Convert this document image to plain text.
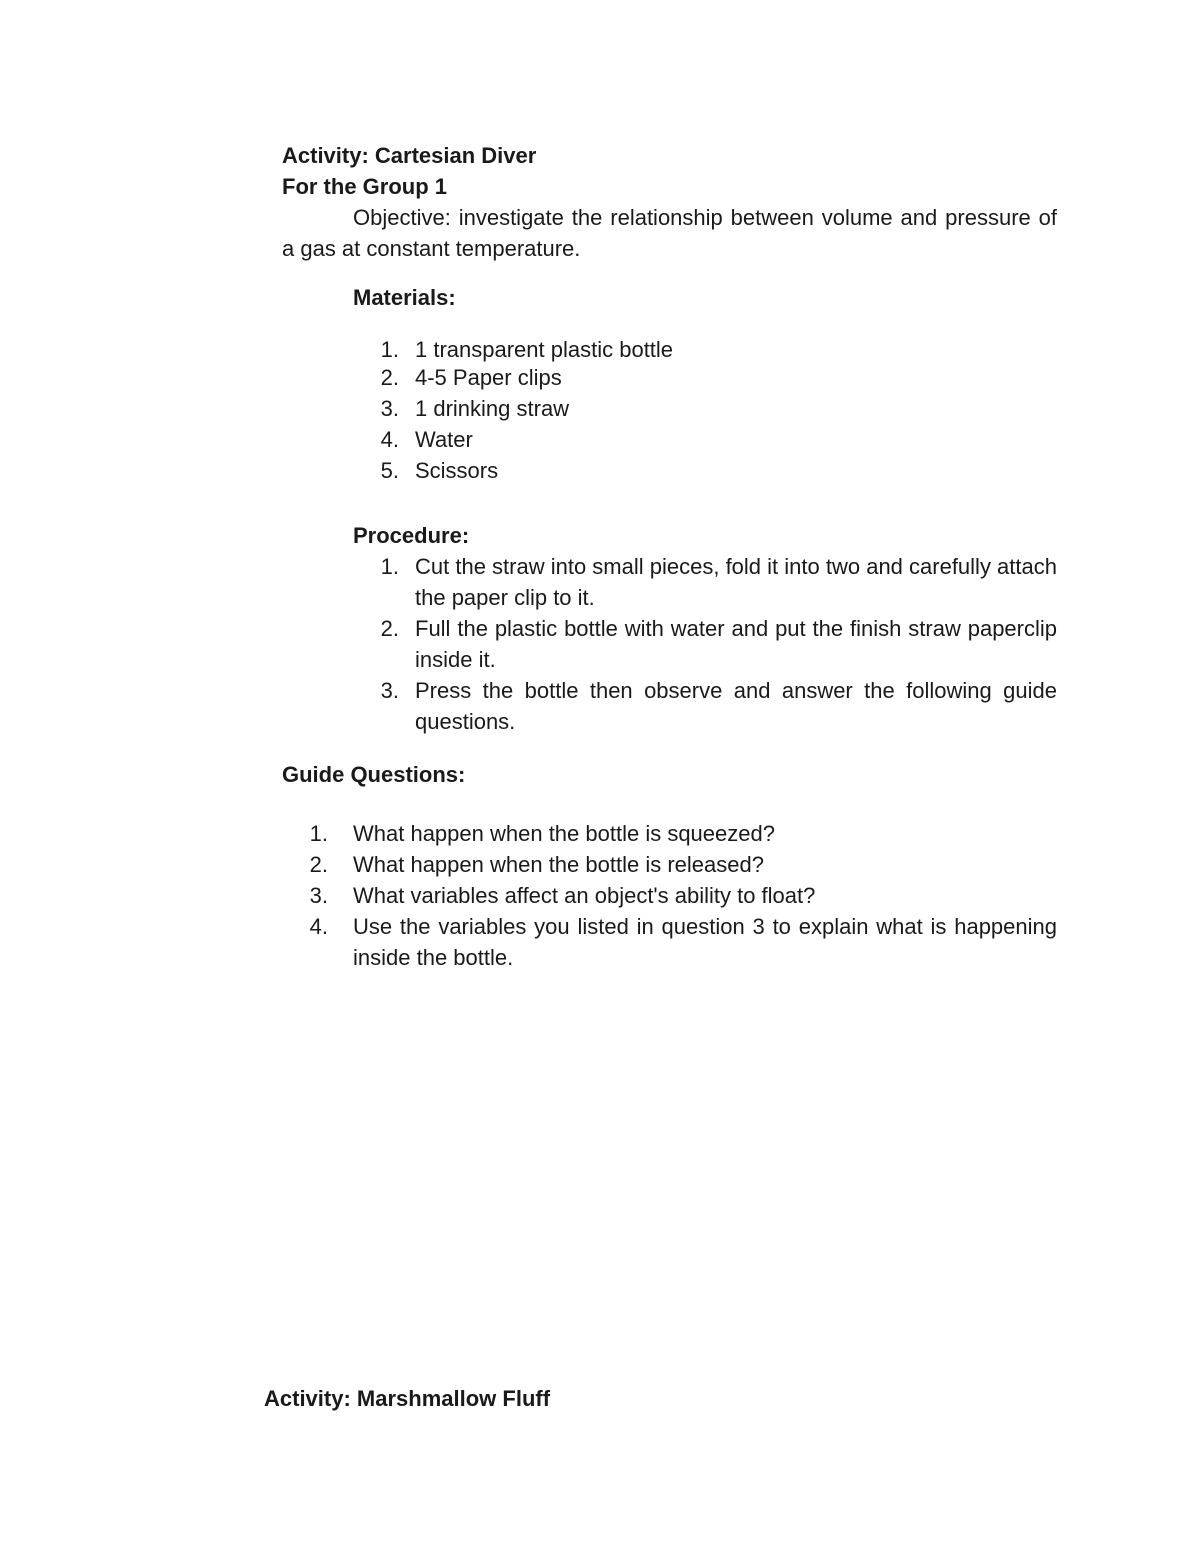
Activity: Cartesian Diver

For the Group 1

Objective: investigate the relationship between volume and pressure of a gas at constant temperature.

Materials:

1. 1 transparent plastic bottle
2. 4-5 Paper clips
3. 1 drinking straw
4. Water
5. Scissors

Procedure:

1. Cut the straw into small pieces, fold it into two and carefully attach the paper clip to it.
2. Full the plastic bottle with water and put the finish straw paperclip inside it.
3. Press the bottle then observe and answer the following guide questions.

Guide Questions:

1.	What happen when the bottle is squeezed?
2.	What happen when the bottle is released?
3.	What variables affect an object's ability to float?
4.	Use the variables you listed in question 3 to explain what is happening inside the bottle.

Activity: Marshmallow Fluff
